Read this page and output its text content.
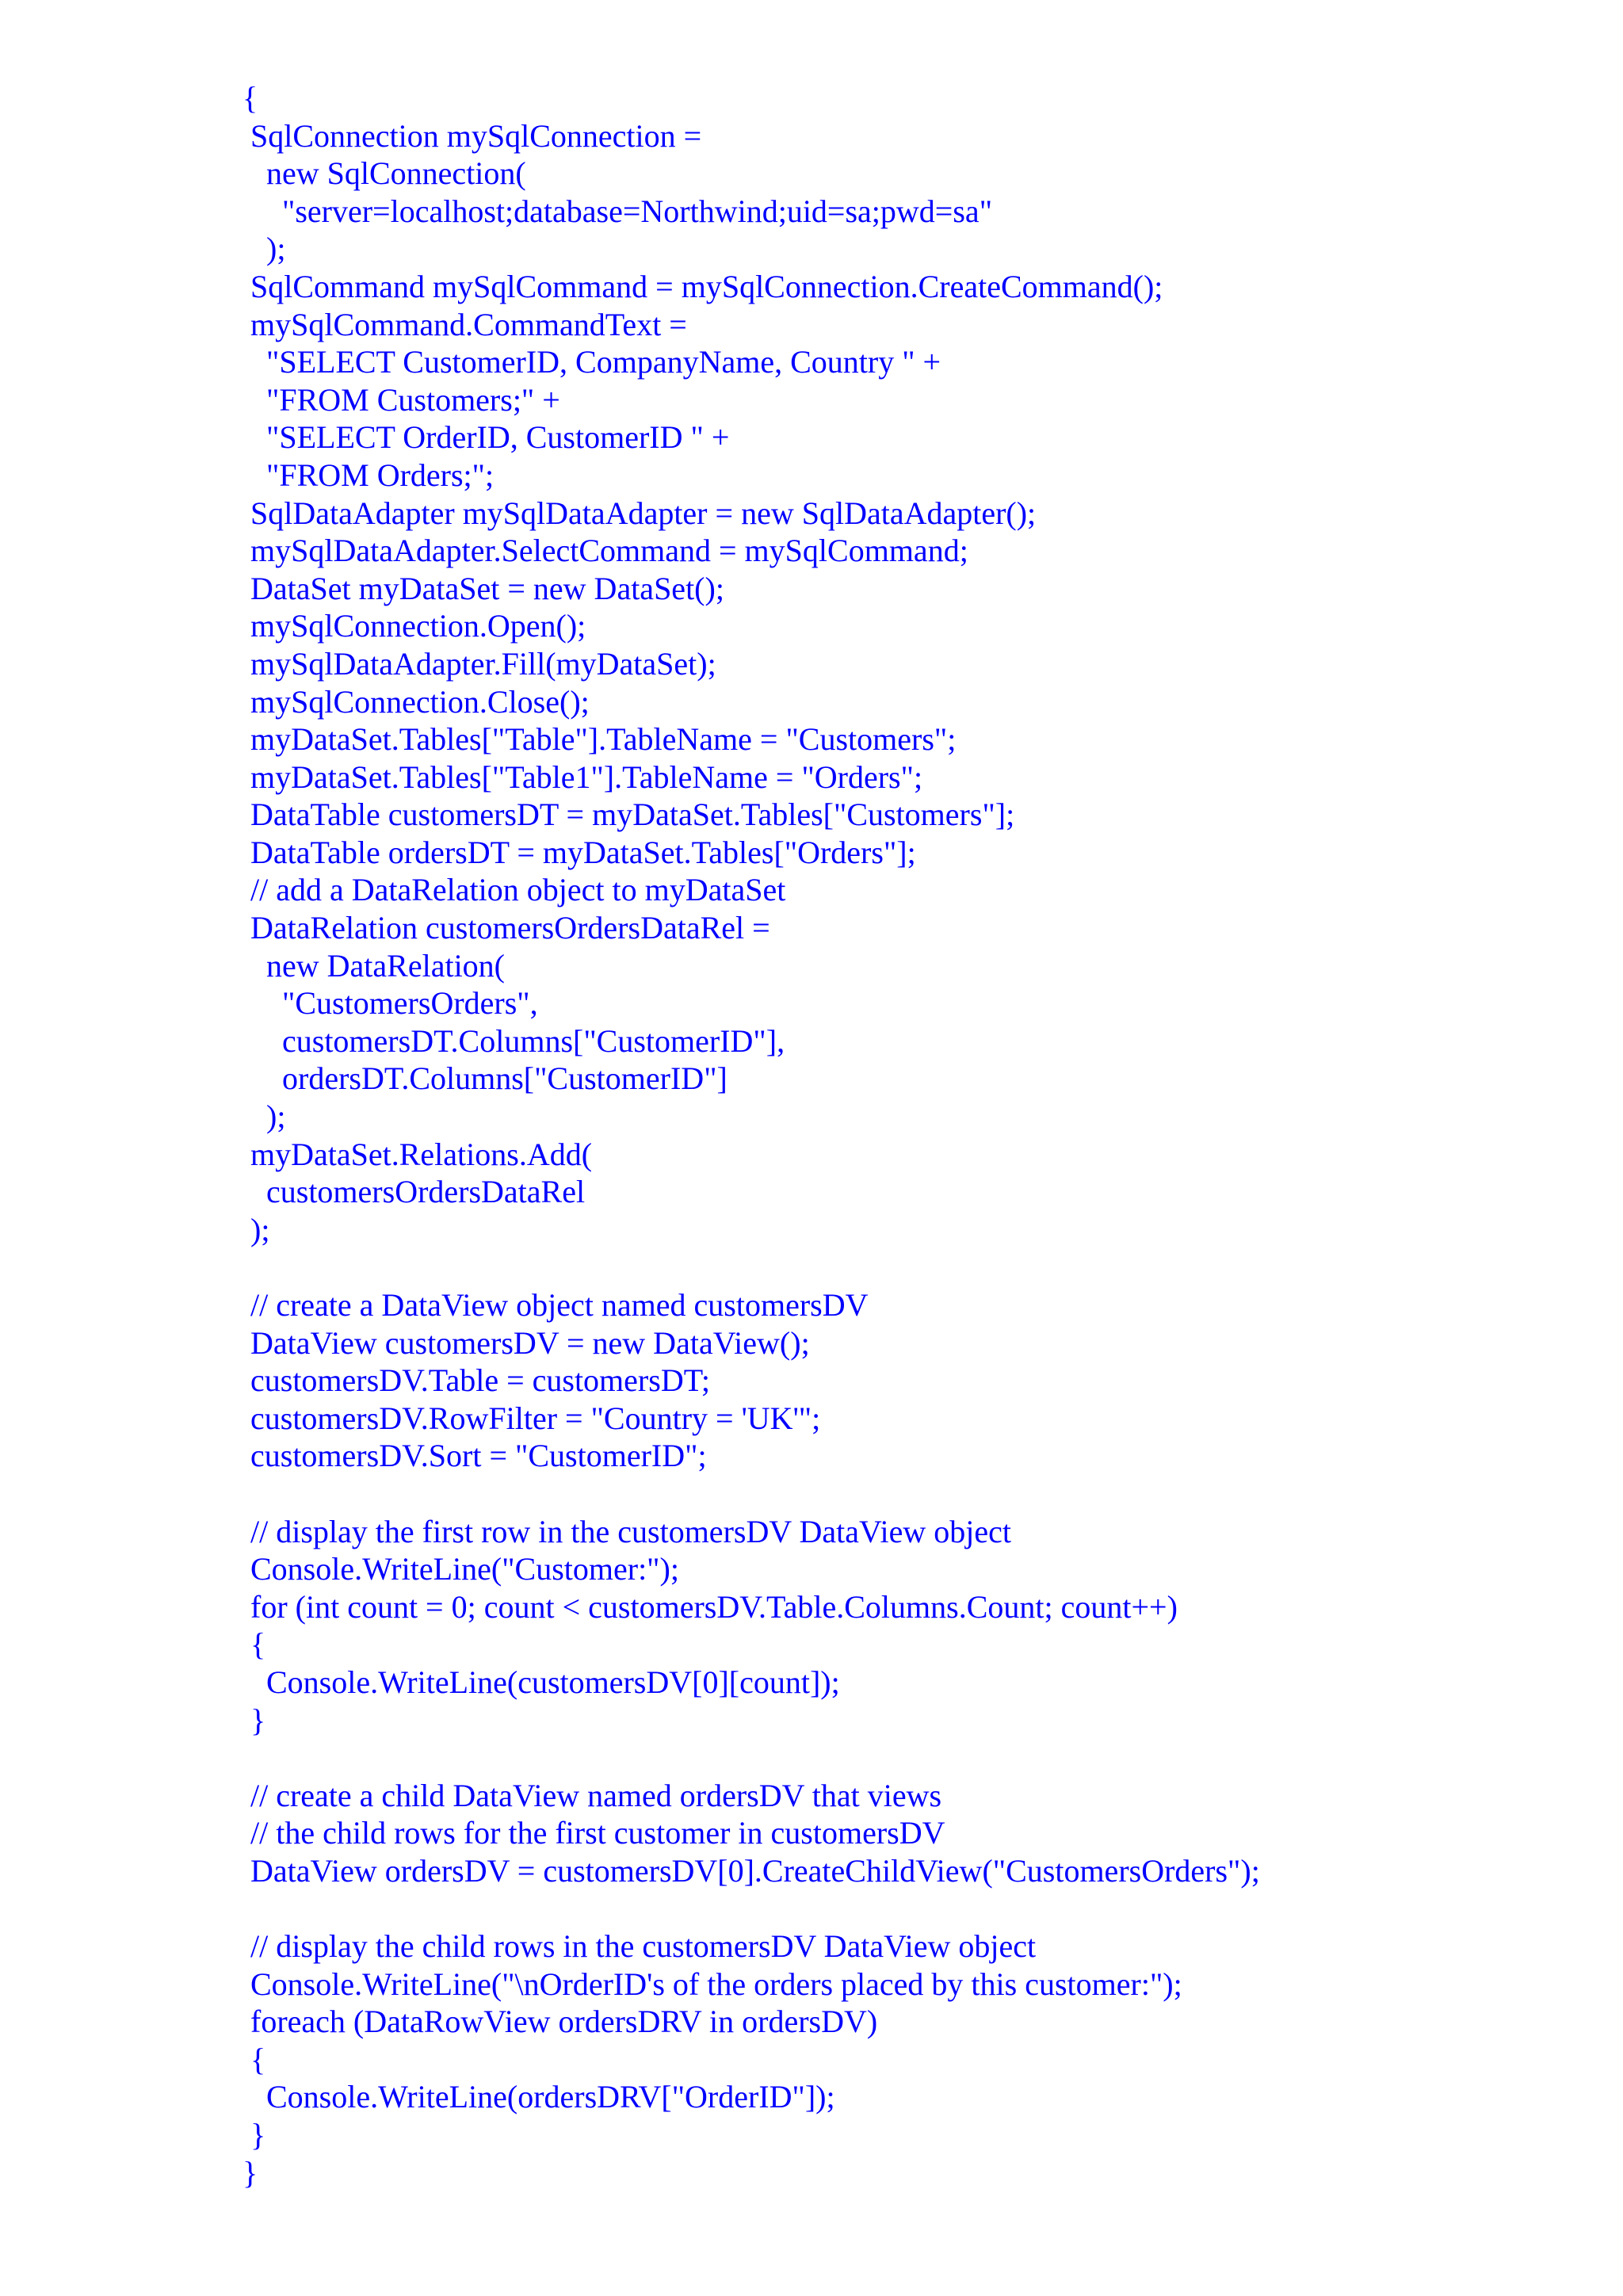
{
SqlConnection mySqlConnection =
new SqlConnection(
"server=localhost;database=Northwind;uid=sa;pwd=sa"
);
SqlCommand mySqlCommand = mySqlConnection.CreateCommand();
mySqlCommand.CommandText =
"SELECT CustomerID, CompanyName, Country " +
"FROM Customers;" +
"SELECT OrderID, CustomerID " +
"FROM Orders;";
SqlDataAdapter mySqlDataAdapter = new SqlDataAdapter();
mySqlDataAdapter.SelectCommand = mySqlCommand;
DataSet myDataSet = new DataSet();
mySqlConnection.Open();
mySqlDataAdapter.Fill(myDataSet);
mySqlConnection.Close();
myDataSet.Tables["Table"].TableName = "Customers";
myDataSet.Tables["Table1"].TableName = "Orders";
DataTable customersDT = myDataSet.Tables["Customers"];
DataTable ordersDT = myDataSet.Tables["Orders"];
// add a DataRelation object to myDataSet
DataRelation customersOrdersDataRel =
new DataRelation(
"CustomersOrders",
customersDT.Columns["CustomerID"],
ordersDT.Columns["CustomerID"]
);
myDataSet.Relations.Add(
customersOrdersDataRel
);
// create a DataView object named customersDV
DataView customersDV = new DataView();
customersDV.Table = customersDT;
customersDV.RowFilter = "Country = 'UK'";
customersDV.Sort = "CustomerID";
// display the first row in the customersDV DataView object
Console.WriteLine("Customer:");
for (int count = 0; count < customersDV.Table.Columns.Count; count++)
{
Console.WriteLine(customersDV[0][count]);
}
// create a child DataView named ordersDV that views
// the child rows for the first customer in customersDV
DataView ordersDV = customersDV[0].CreateChildView("CustomersOrders");
// display the child rows in the customersDV DataView object
Console.WriteLine("\nOrderID's of the orders placed by this customer:");
foreach (DataRowView ordersDRV in ordersDV)
{
Console.WriteLine(ordersDRV["OrderID"]);
}
}
